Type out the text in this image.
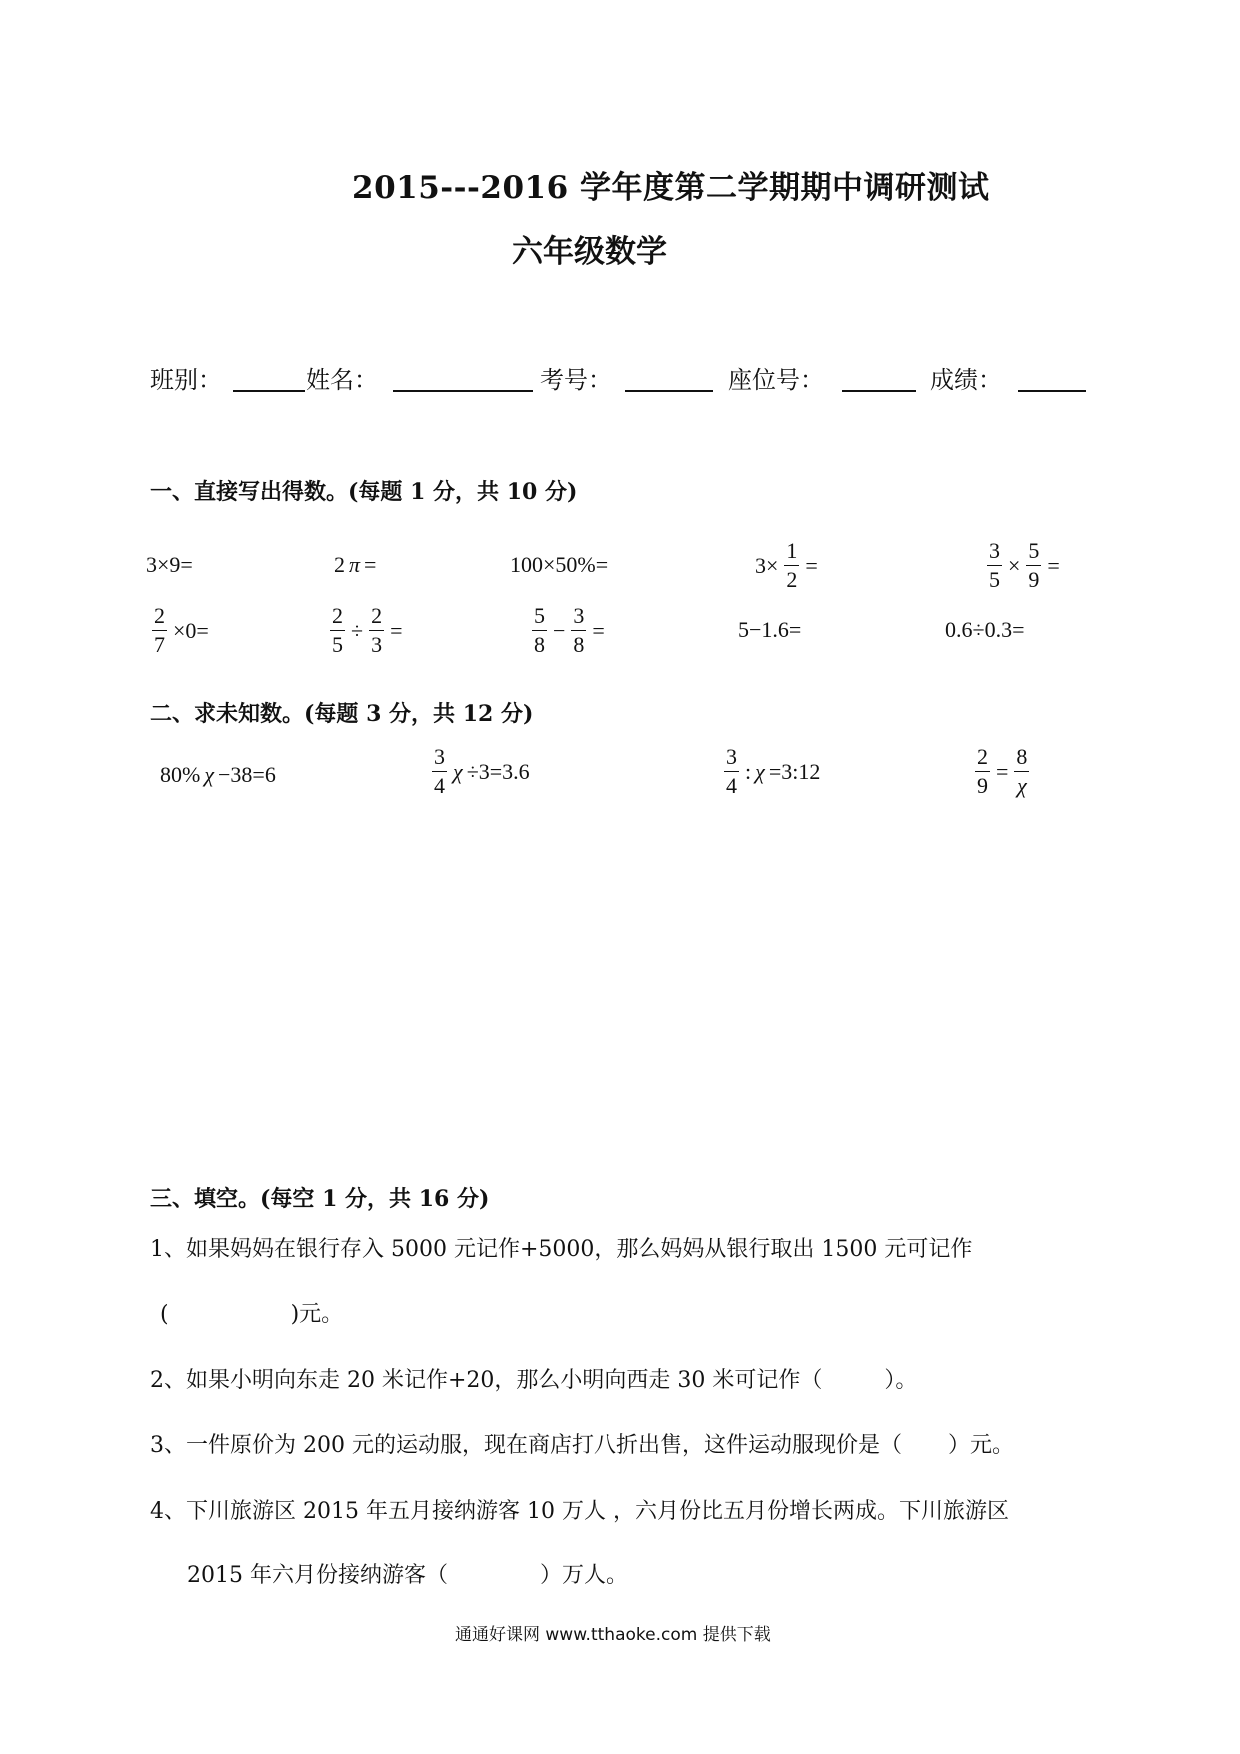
2015---2016 学年度第二学期期中调研测试
六年级数学
班别：	姓名：	考号：	座位号：	成绩：
一、直接写出得数。(每题 1 分，共 10 分)
3×9=	2 π =	100×50%=	$3\times \frac{1}{2}$ =	$\frac{3}{5} \times \frac{5}{9}$ =
$\frac{2}{7} \times 0=$	$\frac{2}{5} \div \frac{2}{3}$ =	$\frac{5}{8} - \frac{3}{8}$ =	5−1.6=	0.6÷0.3=
二、求未知数。(每题 3 分，共 12 分)
80% χ −38=6	$\frac{3}{4}$ χ ÷3=3.6	$\frac{3}{4}$ : χ =3:12	$\frac{2}{9} = \frac{8}{\chi}$
三、填空。(每空 1 分，共 16 分)
1、如果妈妈在银行存入 5000 元记作+5000，那么妈妈从银行取出 1500 元可记作
(	)元。
2、如果小明向东走 20 米记作+20，那么小明向西走 30 米可记作（	）。
3、一件原价为 200 元的运动服，现在商店打八折出售，这件运动服现价是（ ）元。
4、下川旅游区 2015 年五月接纳游客 10 万人 ，六月份比五月份增长两成。下川旅游区
2015 年六月份接纳游客（	）万人。
通通好课网 www.tthaoke.com 提供下载
